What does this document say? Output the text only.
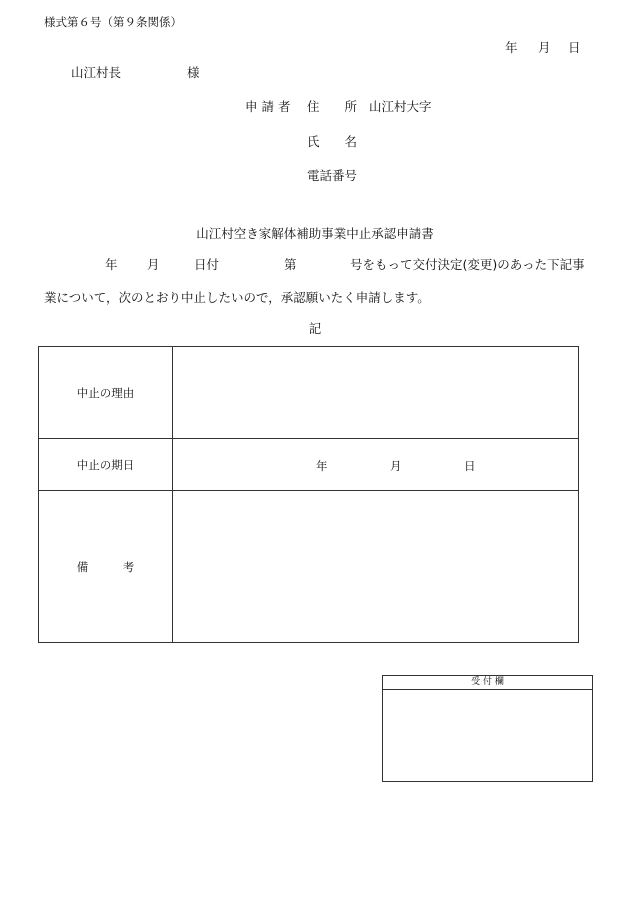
様式第６号（第９条関係）
年 月 日
山江村長	様
申 請 者 住　　所 山江村大字
氏　　名
電話番号
山江村空き家解体補助事業中止承認申請書
年 月	日付	第	号をもって交付決定(変更)のあった下記事
業について，次のとおり中止したいので，承認願いたく申請します。
記
中止の理由	
中止の期日	年 月 日

備　　　考	
受 付 欄
